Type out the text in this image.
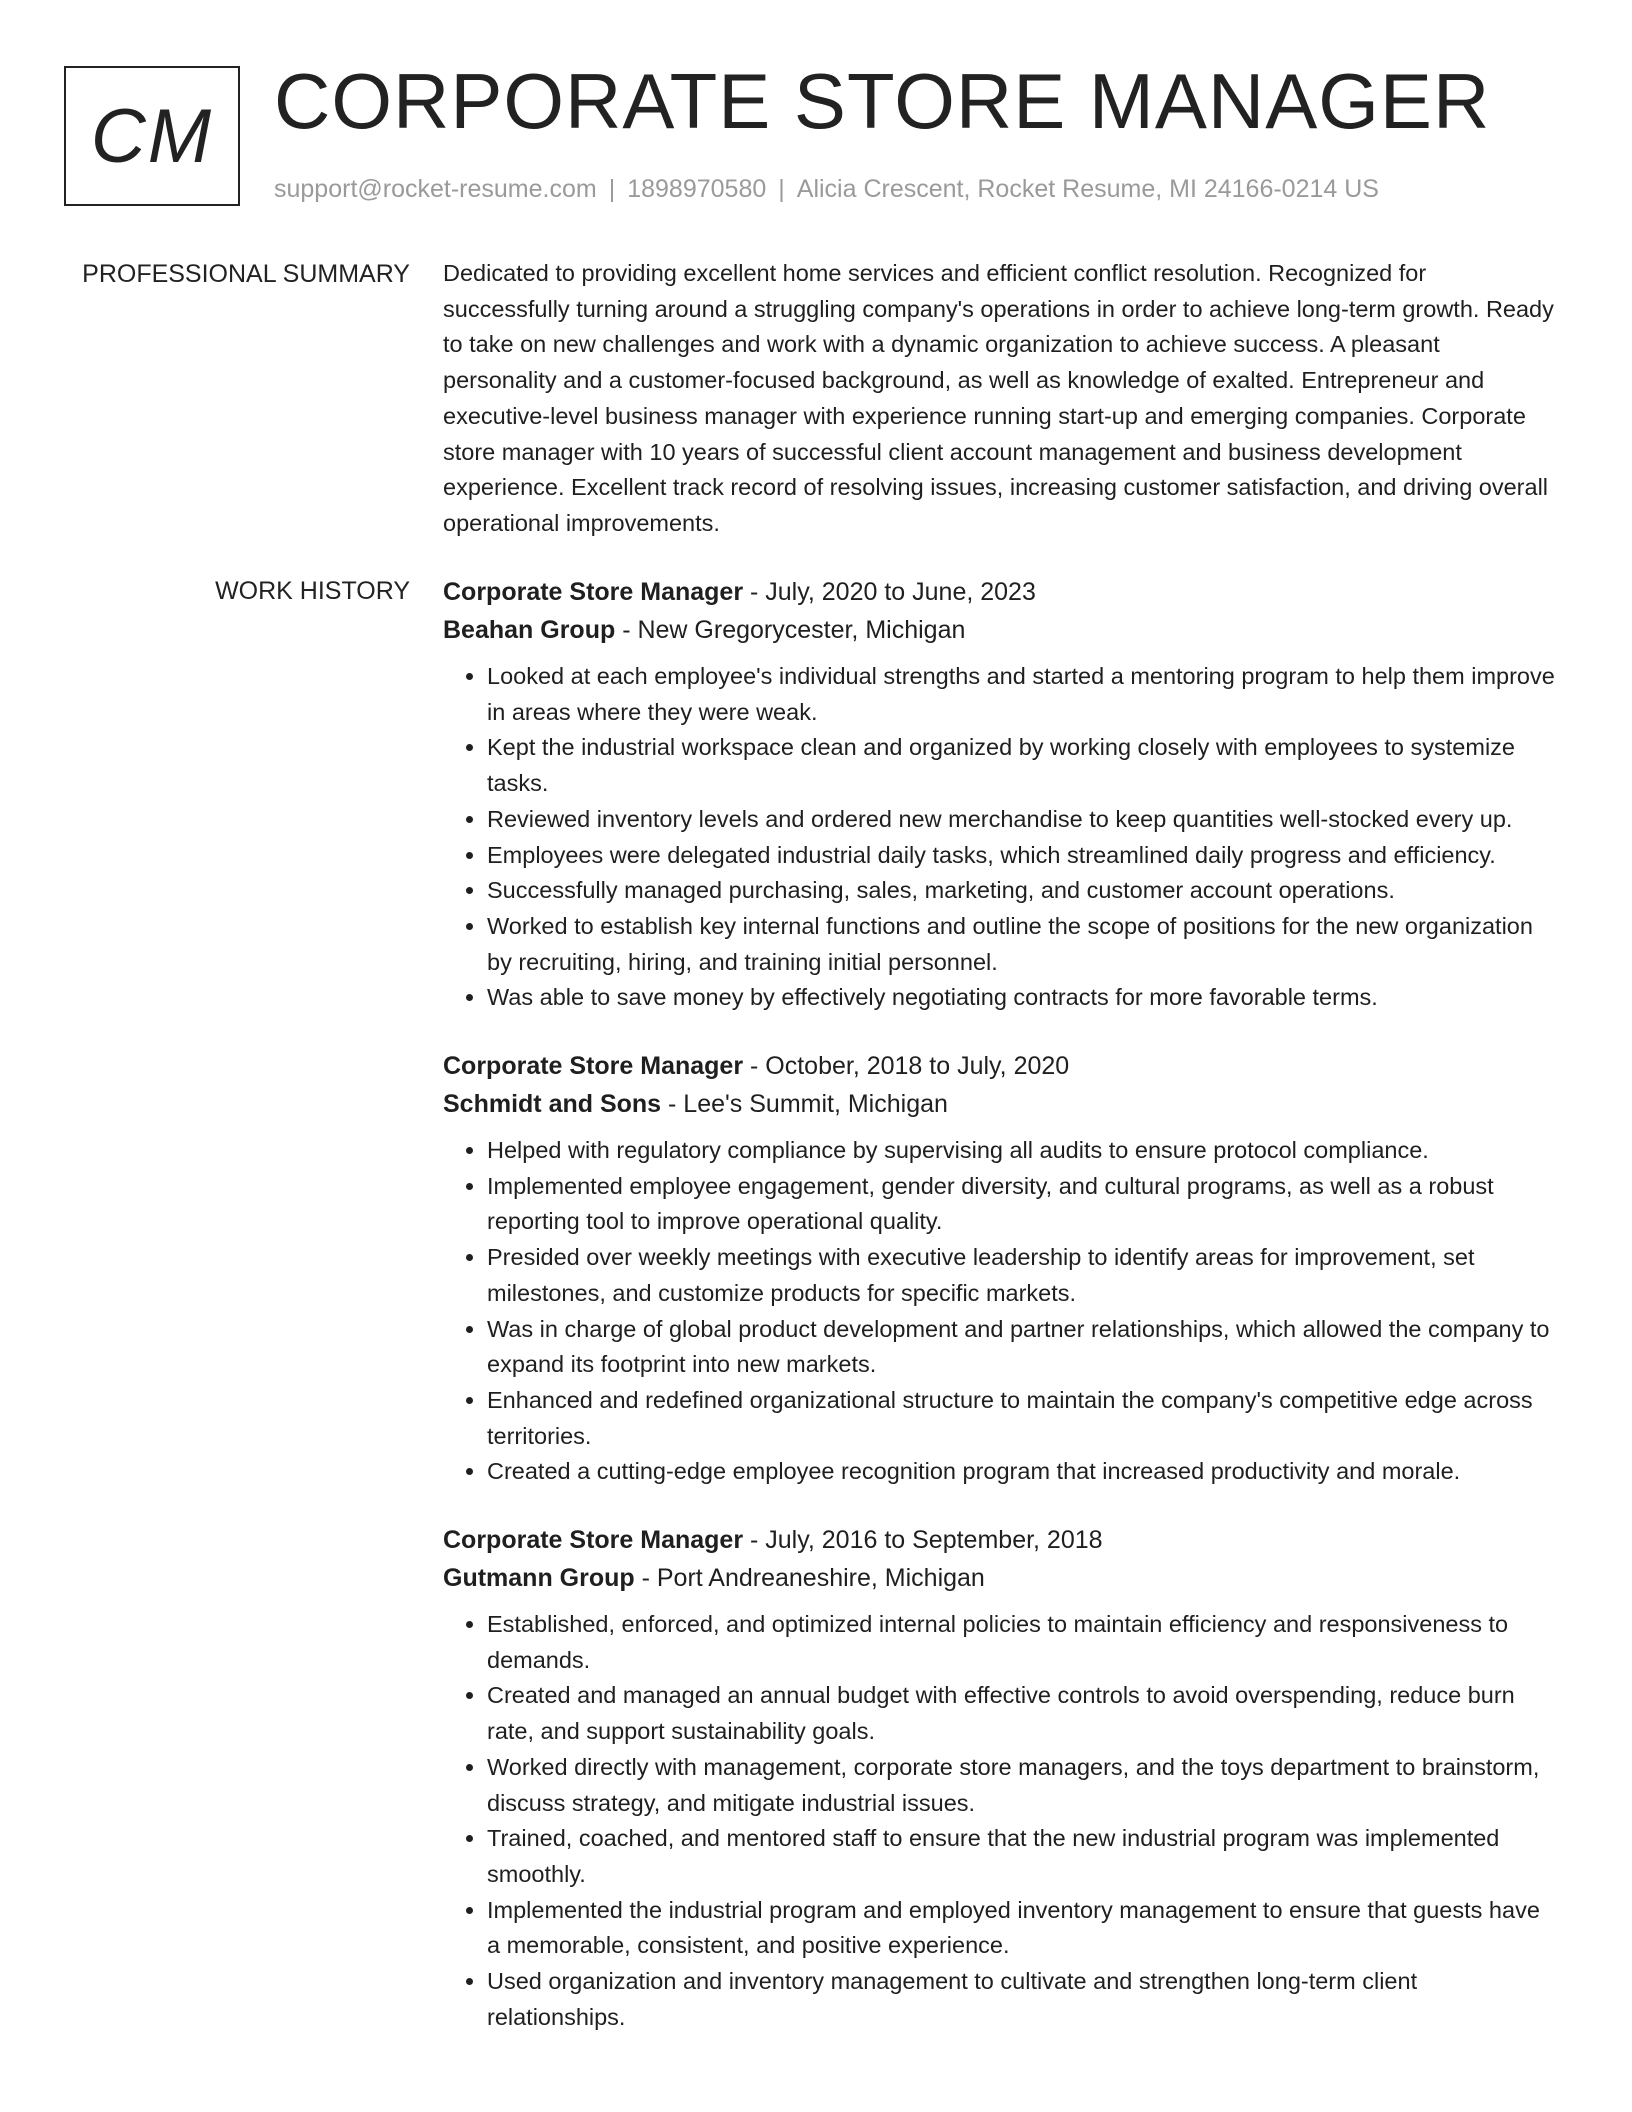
CM CORPORATE STORE MANAGER
support@rocket-resume.com | 1898970580 | Alicia Crescent, Rocket Resume, MI 24166-0214 US
PROFESSIONAL SUMMARY Dedicated to providing excellent home services and efficient conflict resolution. Recognized for successfully turning around a struggling company's operations in order to achieve long-term growth. Ready to take on new challenges and work with a dynamic organization to achieve success. A pleasant personality and a customer-focused background, as well as knowledge of exalted. Entrepreneur and executive-level business manager with experience running start-up and emerging companies. Corporate store manager with 10 years of successful client account management and business development experience. Excellent track record of resolving issues, increasing customer satisfaction, and driving overall operational improvements.

WORK HISTORY Corporate Store Manager - July, 2020 to June, 2023
Beahan Group - New Gregorycester, Michigan
• Looked at each employee's individual strengths and started a mentoring program to help them improve in areas where they were weak.
• Kept the industrial workspace clean and organized by working closely with employees to systemize tasks.
• Reviewed inventory levels and ordered new merchandise to keep quantities well-stocked every up.
• Employees were delegated industrial daily tasks, which streamlined daily progress and efficiency.
• Successfully managed purchasing, sales, marketing, and customer account operations.
• Worked to establish key internal functions and outline the scope of positions for the new organization by recruiting, hiring, and training initial personnel.
• Was able to save money by effectively negotiating contracts for more favorable terms.
Corporate Store Manager - October, 2018 to July, 2020
Schmidt and Sons - Lee's Summit, Michigan
• Helped with regulatory compliance by supervising all audits to ensure protocol compliance.
• Implemented employee engagement, gender diversity, and cultural programs, as well as a robust reporting tool to improve operational quality.
• Presided over weekly meetings with executive leadership to identify areas for improvement, set milestones, and customize products for specific markets.
• Was in charge of global product development and partner relationships, which allowed the company to expand its footprint into new markets.
• Enhanced and redefined organizational structure to maintain the company's competitive edge across territories.
• Created a cutting-edge employee recognition program that increased productivity and morale.
Corporate Store Manager - July, 2016 to September, 2018
Gutmann Group - Port Andreaneshire, Michigan
• Established, enforced, and optimized internal policies to maintain efficiency and responsiveness to demands.
• Created and managed an annual budget with effective controls to avoid overspending, reduce burn rate, and support sustainability goals.
• Worked directly with management, corporate store managers, and the toys department to brainstorm, discuss strategy, and mitigate industrial issues.
• Trained, coached, and mentored staff to ensure that the new industrial program was implemented smoothly.
• Implemented the industrial program and employed inventory management to ensure that guests have a memorable, consistent, and positive experience.
• Used organization and inventory management to cultivate and strengthen long-term client relationships.
